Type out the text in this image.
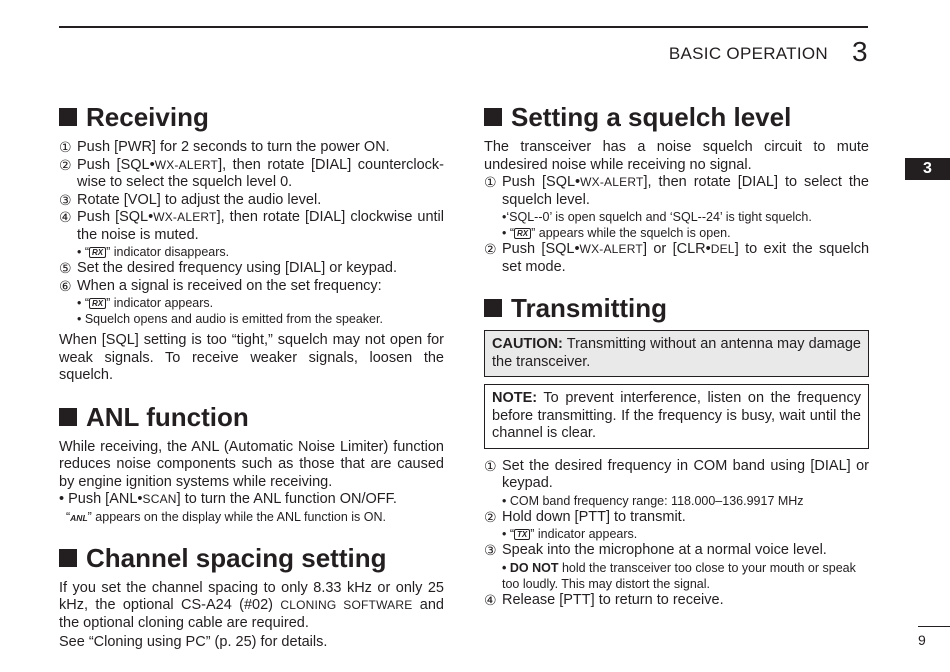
BASIC OPERATION 3
3
Receiving
① Push [PWR] for 2 seconds to turn the power ON.
② Push [SQL•WX-ALERT], then rotate [DIAL] counterclock-wise to select the squelch level 0.
③ Rotate [VOL] to adjust the audio level.
④ Push [SQL•WX-ALERT], then rotate [DIAL] clockwise until the noise is muted.
• “ RX ” indicator disappears.
⑤ Set the desired frequency using [DIAL] or keypad.
⑥ When a signal is received on the set frequency:
• “ RX ” indicator appears.
• Squelch opens and audio is emitted from the speaker.

When [SQL] setting is too “tight,” squelch may not open for weak signals. To receive weaker signals, loosen the squelch.

ANL function

While receiving, the ANL (Automatic Noise Limiter) function reduces noise components such as those that are caused by engine ignition systems while receiving.

• Push [ANL•SCAN] to turn the ANL function ON/OFF.

“ANL” appears on the display while the ANL function is ON.
Channel spacing setting

If you set the channel spacing to only 8.33 kHz or only 25 kHz, the optional CS-A24 (#02) CLONING SOFTWARE and the optional cloning cable are required.

See “Cloning using PC” (p. 25) for details.

Setting a squelch level

The transceiver has a noise squelch circuit to mute undesired noise while receiving no signal.

① Push [SQL•WX-ALERT], then rotate [DIAL] to select the squelch level.
•‘SQL--0’ is open squelch and ‘SQL--24’ is tight squelch.
• “ RX ” appears while the squelch is open.
② Push [SQL•WX-ALERT] or [CLR•DEL] to exit the squelch set mode.
Transmitting
CAUTION: Transmitting without an antenna may damage the transceiver.
NOTE: To prevent interference, listen on the frequency before transmitting. If the frequency is busy, wait until the channel is clear.
① Set the desired frequency in COM band using [DIAL] or keypad.
• COM band frequency range: 118.000–136.9917 MHz
② Hold down [PTT] to transmit.
• “ TX ” indicator appears.
③ Speak into the microphone at a normal voice level.
• DO NOT hold the transceiver too close to your mouth or speak too loudly. This may distort the signal.
④ Release [PTT] to return to receive.
9
